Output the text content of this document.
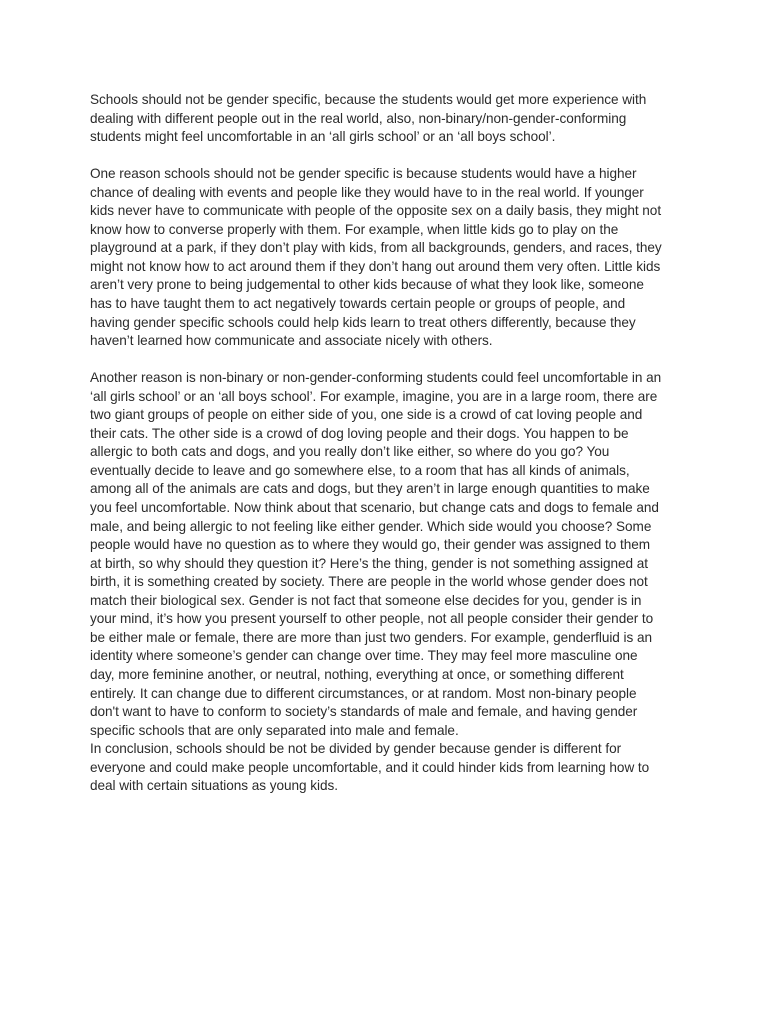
Schools should not be gender specific, because the students would get more experience with
dealing with different people out in the real world, also, non-binary/non-gender-conforming
students might feel uncomfortable in an ‘all girls school’ or an ‘all boys school’.
One reason schools should not be gender specific is because students would have a higher
chance of dealing with events and people like they would have to in the real world. If younger
kids never have to communicate with people of the opposite sex on a daily basis, they might not
know how to converse properly with them. For example, when little kids go to play on the
playground at a park, if they don’t play with kids, from all backgrounds, genders, and races, they
might not know how to act around them if they don’t hang out around them very often. Little kids
aren’t very prone to being judgemental to other kids because of what they look like, someone
has to have taught them to act negatively towards certain people or groups of people, and
having gender specific schools could help kids learn to treat others differently, because they
haven’t learned how communicate and associate nicely with others.
Another reason is non-binary or non-gender-conforming students could feel uncomfortable in an
‘all girls school’ or an ‘all boys school’. For example, imagine, you are in a large room, there are
two giant groups of people on either side of you, one side is a crowd of cat loving people and
their cats. The other side is a crowd of dog loving people and their dogs. You happen to be
allergic to both cats and dogs, and you really don’t like either, so where do you go? You
eventually decide to leave and go somewhere else, to a room that has all kinds of animals,
among all of the animals are cats and dogs, but they aren’t in large enough quantities to make
you feel uncomfortable. Now think about that scenario, but change cats and dogs to female and
male, and being allergic to not feeling like either gender. Which side would you choose? Some
people would have no question as to where they would go, their gender was assigned to them
at birth, so why should they question it? Here’s the thing, gender is not something assigned at
birth, it is something created by society. There are people in the world whose gender does not
match their biological sex. Gender is not fact that someone else decides for you, gender is in
your mind, it’s how you present yourself to other people, not all people consider their gender to
be either male or female, there are more than just two genders. For example, genderfluid is an
identity where someone’s gender can change over time. They may feel more masculine one
day, more feminine another, or neutral, nothing, everything at once, or something different
entirely. It can change due to different circumstances, or at random. Most non-binary people
don't want to have to conform to society’s standards of male and female, and having gender
specific schools that are only separated into male and female.
In conclusion, schools should be not be divided by gender because gender is different for
everyone and could make people uncomfortable, and it could hinder kids from learning how to
deal with certain situations as young kids.
